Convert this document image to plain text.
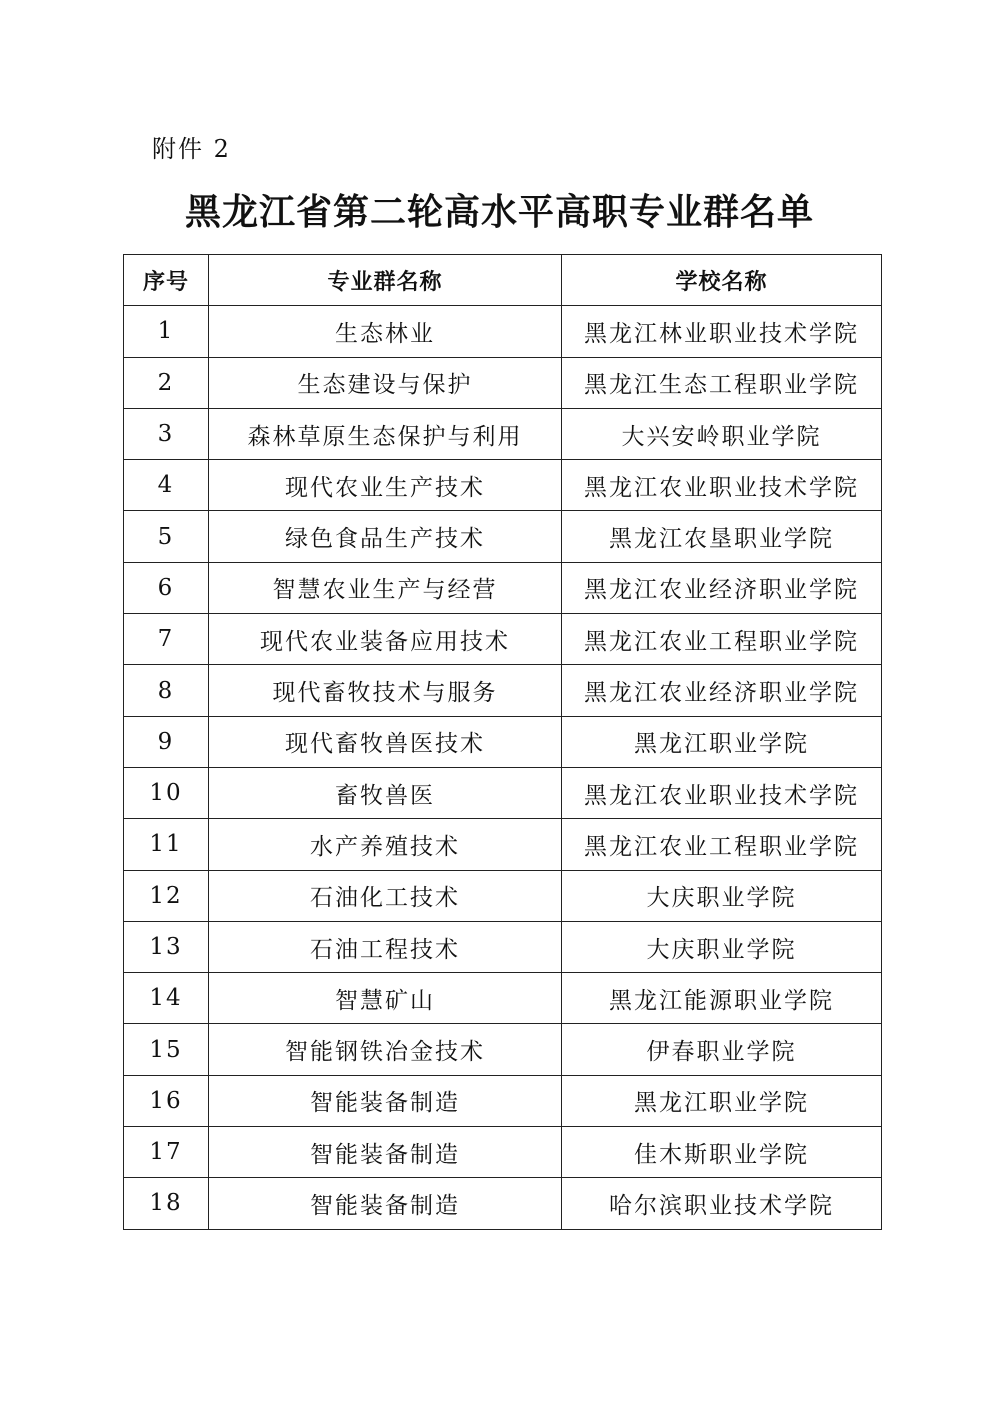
附件 2
黑龙江省第二轮高水平高职专业群名单
序号	专业群名称	学校名称
1	生态林业	黑龙江林业职业技术学院
2	生态建设与保护	黑龙江生态工程职业学院
3	森林草原生态保护与利用	大兴安岭职业学院
4	现代农业生产技术	黑龙江农业职业技术学院
5	绿色食品生产技术	黑龙江农垦职业学院
6	智慧农业生产与经营	黑龙江农业经济职业学院
7	现代农业装备应用技术	黑龙江农业工程职业学院
8	现代畜牧技术与服务	黑龙江农业经济职业学院
9	现代畜牧兽医技术	黑龙江职业学院
10	畜牧兽医	黑龙江农业职业技术学院
11	水产养殖技术	黑龙江农业工程职业学院
12	石油化工技术	大庆职业学院
13	石油工程技术	大庆职业学院
14	智慧矿山	黑龙江能源职业学院
15	智能钢铁冶金技术	伊春职业学院
16	智能装备制造	黑龙江职业学院
17	智能装备制造	佳木斯职业学院
18	智能装备制造	哈尔滨职业技术学院
